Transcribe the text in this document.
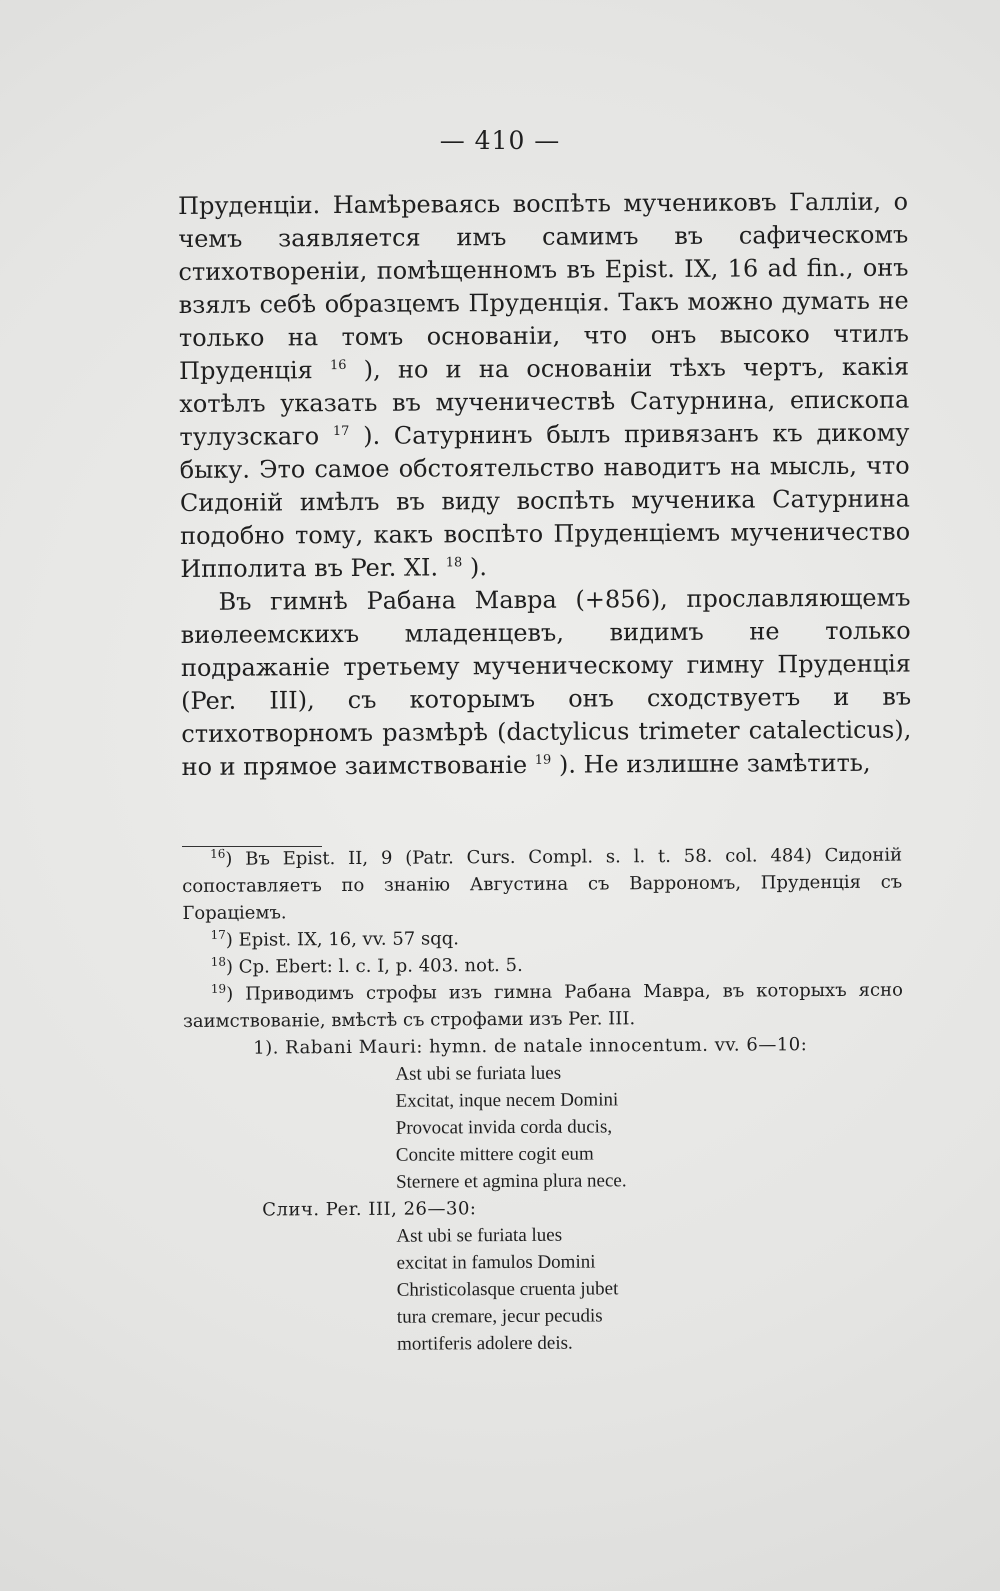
— 410 —

Пруденцiи. Намѣреваясь воспѣть мучениковъ Галлiи, о чемъ заявляется имъ самимъ въ сафическомъ стихотворенiи, помѣщенномъ въ Epist. IX, 16 ad fin., онъ взялъ себѣ образцемъ Пруденцiя. Такъ можно думать не только на томъ основанiи, что онъ высоко чтилъ Пруденцiя $^{16}$ ), но и на основанiи тѣхъ чертъ, какiя хотѣлъ указать въ мученичествѣ Сатурнина, епископа тулузскаго $^{17}$ ). Сатурнинъ былъ привязанъ къ дикому быку. Это самое обстоятельство наводитъ на мысль, что Сидонiй имѣлъ въ виду воспѣть мученика Сатурнина подобно тому, какъ воспѣто Пруденцiемъ мученичество Ипполита въ Per. XI. $^{18}$ ).

Въ гимнѣ Рабана Мавра (+856), прославляющемъ виѳлеемскихъ младенцевъ, видимъ не только подражанiе третьему мученическому гимну Пруденцiя (Per. III), съ которымъ онъ сходствуетъ и въ стихотворномъ размѣрѣ (dactylicus trimeter catalecticus), но и прямое заимствованiе $^{19}$ ). Не излишне замѣтить,

$^{16}$) Въ Epist. II, 9 (Patr. Curs. Compl. s. l. t. 58. col. 484) Сидонiй сопоставляетъ по знанiю Августина съ Варрономъ, Пруденцiя съ Горацiемъ.

$^{17}$) Epist. IX, 16, vv. 57 sqq.

$^{18}$) Cp. Ebert: l. c. I, p. 403. not. 5.

$^{19}$) Приводимъ строфы изъ гимна Рабана Мавра, въ которыхъ ясно заимствованiе, вмѣстѣ съ строфами изъ Per. III.

1). Rabani Mauri: hymn. de natale innocentum. vv. 6—10:

Ast ubi se furiata lues

Excitat, inque necem Domini

Provocat invida corda ducis,

Concite mittere cogit eum

Sternere et agmina plura nece.

Слич. Per. III, 26—30:

Ast ubi se furiata lues

excitat in famulos Domini

Christicolasque cruenta jubet

tura cremare, jecur pecudis

mortiferis adolere deis.
